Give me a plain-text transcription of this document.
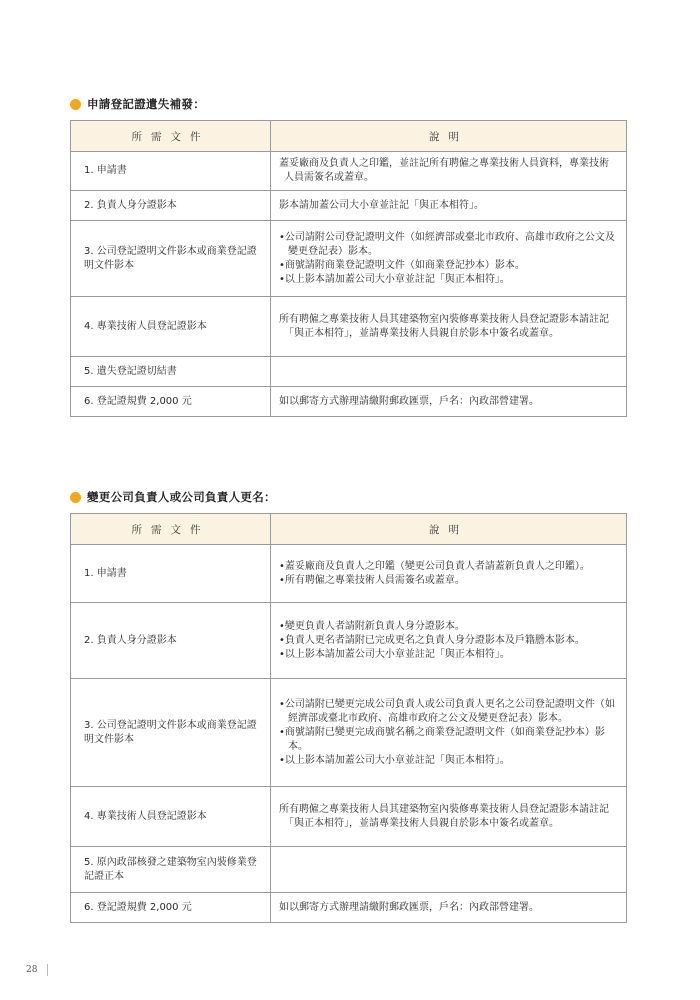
申請登記證遺失補發：
所需文件	說明
1. 申請書	蓋妥廠商及負責人之印鑑，並註記所有聘僱之專業技術人員資料，專業技術人員需簽名或蓋章。

2. 負責人身分證影本	影本請加蓋公司大小章並註記「與正本相符」。

3. 公司登記證明文件影本或商業登記證明文件影本	•公司請附公司登記證明文件（如經濟部或臺北市政府、高雄市政府之公文及變更登記表）影本。
•商號請附商業登記證明文件（如商業登記抄本）影本。
•以上影本請加蓋公司大小章並註記「與正本相符」。

4. 專業技術人員登記證影本	所有聘僱之專業技術人員其建築物室內裝修專業技術人員登記證影本請註記「與正本相符」，並請專業技術人員親自於影本中簽名或蓋章。

5. 遺失登記證切結書	
6. 登記證規費 2,000 元	如以郵寄方式辦理請繳附郵政匯票，戶名：內政部營建署。
變更公司負責人或公司負責人更名：
所需文件	說明
1. 申請書	•蓋妥廠商及負責人之印鑑（變更公司負責人者請蓋新負責人之印鑑）。
•所有聘僱之專業技術人員需簽名或蓋章。

2. 負責人身分證影本	•變更負責人者請附新負責人身分證影本。
•負責人更名者請附已完成更名之負責人身分證影本及戶籍謄本影本。
•以上影本請加蓋公司大小章並註記「與正本相符」。

3. 公司登記證明文件影本或商業登記證明文件影本	•公司請附已變更完成公司負責人或公司負責人更名之公司登記證明文件（如經濟部或臺北市政府、高雄市政府之公文及變更登記表）影本。
•商號請附已變更完成商號名稱之商業登記證明文件（如商業登記抄本）影本。
•以上影本請加蓋公司大小章並註記「與正本相符」。

4. 專業技術人員登記證影本	所有聘僱之專業技術人員其建築物室內裝修專業技術人員登記證影本請註記「與正本相符」，並請專業技術人員親自於影本中簽名或蓋章。

5. 原內政部核發之建築物室內裝修業登記證正本	
6. 登記證規費 2,000 元	如以郵寄方式辦理請繳附郵政匯票，戶名：內政部營建署。
28
